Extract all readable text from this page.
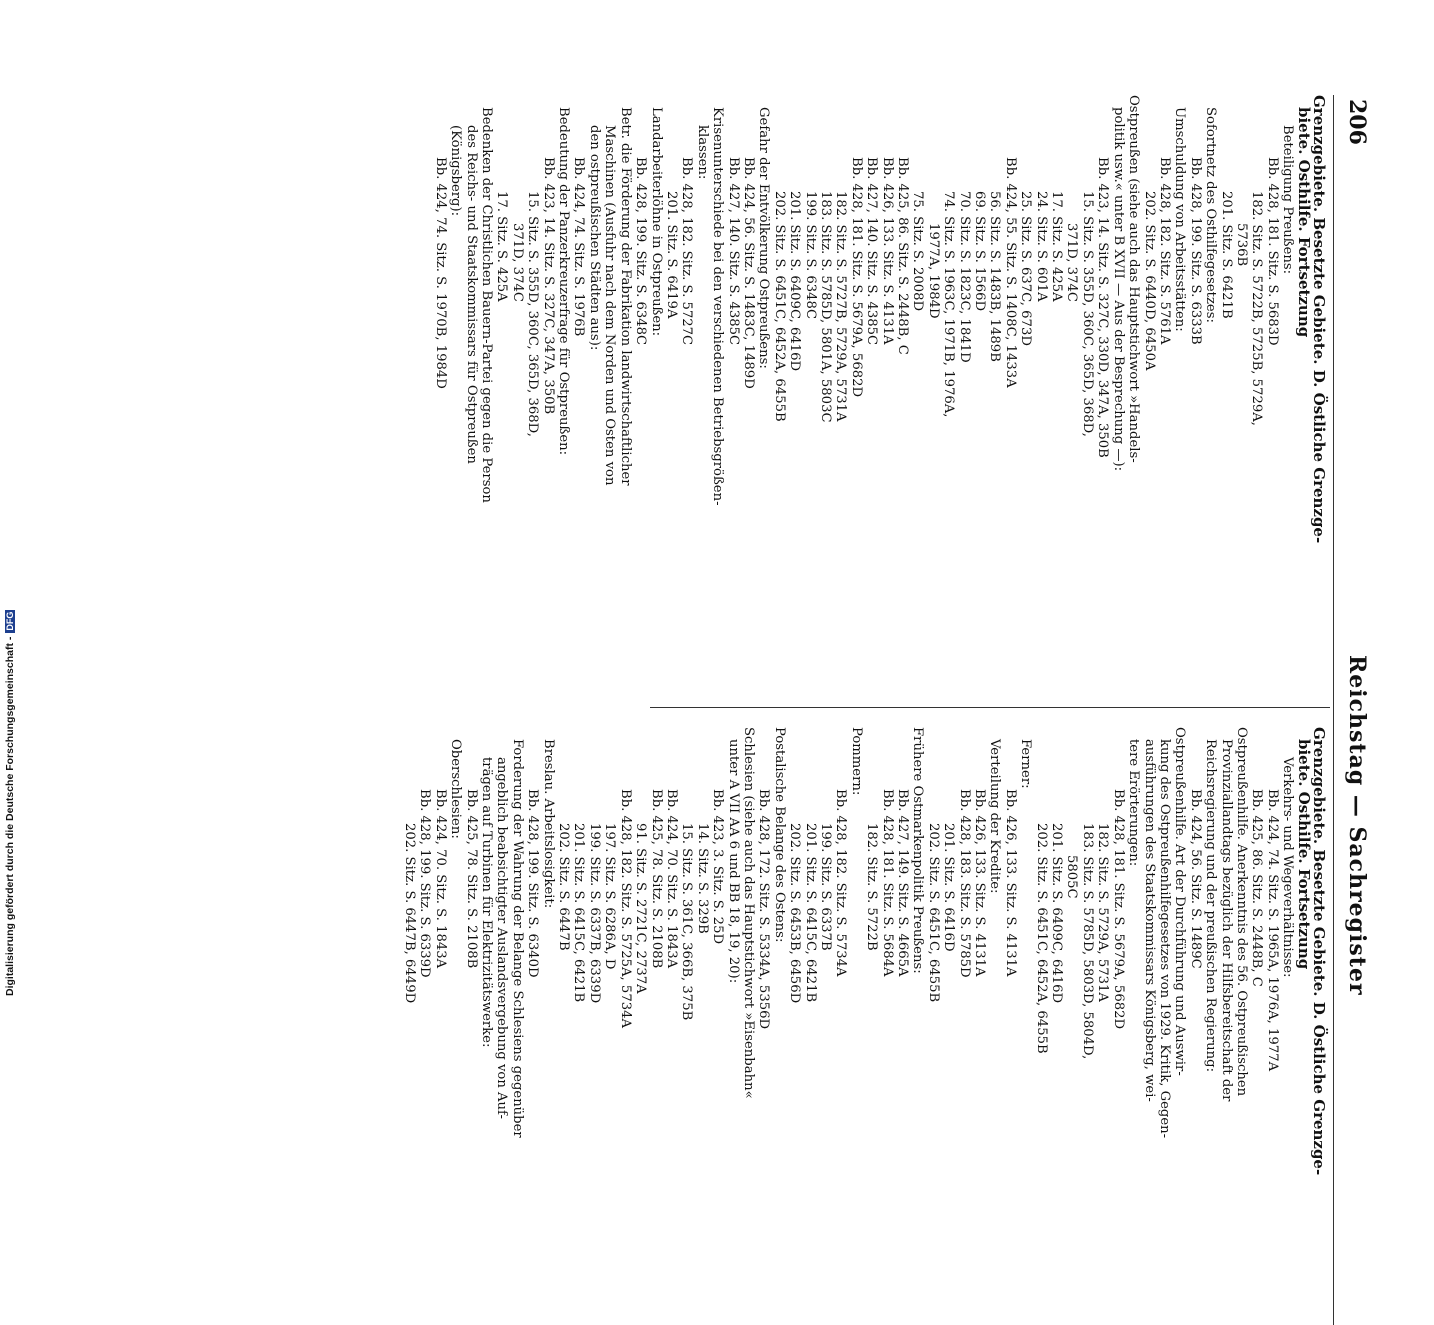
206
Reichstag — Sachregister
Grenzgebiete. Besetzte Gebiete. D. Östliche Grenzge-
biete. Osthilfe. Fortsetzung
Beteiligung Preußens:
Bb. 428, 181. Sitz. S. 5683D
182. Sitz. S. 5722B, 5725B, 5729A,
5736B
201. Sitz. S. 6421B
Sofortnetz des Osthilfegesetzes:
Bb. 428, 199. Sitz. S. 6333B
Umschuldung von Arbeitsstätten:
Bb. 428, 182. Sitz. S. 5761A
202. Sitz. S. 6440D, 6450A
Ostpreußen (siehe auch das Hauptstichwort »Handels-
politik usw.« unter B XVII — Aus der Besprechung —):
Bb. 423, 14. Sitz. S. 327C, 330D, 347A, 350B
15. Sitz. S. 355D, 360C, 365D, 368D,
371D, 374C
17. Sitz. S. 425A
24. Sitz. S. 601A
25. Sitz. S. 637C, 673D
Bb. 424, 55. Sitz. S. 1408C, 1433A
56. Sitz. S. 1483B, 1489B
69. Sitz. S. 1566D
70. Sitz. S. 1823C, 1841D
74. Sitz. S. 1963C, 1971B, 1976A,
1977A, 1984D
75. Sitz. S. 2008D
Bb. 425, 86. Sitz. S. 2448B, C
Bb. 426, 133. Sitz. S. 4131A
Bb. 427, 140. Sitz. S. 4385C
Bb. 428, 181. Sitz. S. 5679A, 5682D
182. Sitz. S. 5727B, 5729A, 5731A
183. Sitz. S. 5785D, 5801A, 5803C
199. Sitz. S. 6348C
201. Sitz. S. 6409C, 6416D
202. Sitz. S. 6451C, 6452A, 6455B
Gefahr der Entvölkerung Ostpreußens:
Bb. 424, 56. Sitz. S. 1483C, 1489D
Bb. 427, 140. Sitz. S. 4385C
Krisenunterschiede bei den verschiedenen Betriebsgrößen-
klassen:
Bb. 428, 182. Sitz. S. 5727C
201. Sitz. S. 6419A
Landarbeiterlöhne in Ostpreußen:
Bb. 428, 199. Sitz. S. 6348C
Betr. die Förderung der Fabrikation landwirtschaftlicher
Maschinen (Ausfuhr nach dem Norden und Osten von
den ostpreußischen Städten aus):
Bb. 424, 74. Sitz. S. 1976B
Bedeutung der Panzerkreuzerfrage für Ostpreußen:
Bb. 423, 14. Sitz. S. 327C, 347A, 350B
15. Sitz. S. 355D, 360C, 365D, 368D,
371D, 374C
17. Sitz. S. 425A
Bedenken der Christlichen Bauern-Partei gegen die Person
des Reichs- und Staatskommissars für Ostpreußen
(Königsberg):
Bb. 424, 74. Sitz. S. 1970B, 1984D
Grenzgebiete. Besetzte Gebiete. D. Östliche Grenzge-
biete. Osthilfe. Fortsetzung
Verkehrs- und Wegeverhältnisse:
Bb. 424, 74. Sitz. S. 1965A, 1976A, 1977A
Bb. 425, 86. Sitz. S. 2448B, C
Ostpreußenhilfe. Anerkenntnis des 56. Ostpreußischen
Provinziallandtags bezüglich der Hilfsbereitschaft der
Reichsregierung und der preußischen Regierung:
Bb. 424, 56. Sitz. S. 1489C
Ostpreußenhilfe. Art der Durchführung und Auswir-
kung des Ostpreußenhilfegesetzes von 1929. Kritik, Gegen-
ausführungen des Staatskommissars Königsberg, wei-
tere Erörterungen:
Bb. 428, 181. Sitz. S. 5679A, 5682D
182. Sitz. S. 5729A, 5731A
183. Sitz. S. 5785D, 5803D, 5804D,
5805C
201. Sitz. S. 6409C, 6416D
202. Sitz. S. 6451C, 6452A, 6455B
Ferner:
Bb. 426, 133. Sitz. S. 4131A
Verteilung der Kredite:
Bb. 426, 133. Sitz. S. 4131A
Bb. 428, 183. Sitz. S. 5785D
201. Sitz. S. 6416D
202. Sitz. S. 6451C, 6455B
Frühere Ostmarkenpolitik Preußens:
Bb. 427, 149. Sitz. S. 4665A
Bb. 428, 181. Sitz. S. 5684A
182. Sitz. S. 5722B
Pommern:
Bb. 428, 182. Sitz. S. 5734A
199. Sitz. S. 6337B
201. Sitz. S. 6415C, 6421B
202. Sitz. S. 6453B, 6456D
Postalische Belange des Ostens:
Bb. 428, 172. Sitz. S. 5334A, 5356D
Schlesien (siehe auch das Hauptstichwort »Eisenbahn«
unter A VII AA 6 und BB 18, 19, 20):
Bb. 423, 3. Sitz. S. 25D
14. Sitz. S. 329B
15. Sitz. S. 361C, 366B, 375B
Bb. 424, 70. Sitz. S. 1843A
Bb. 425, 78. Sitz. S. 2108B
91. Sitz. S. 2721C, 2737A
Bb. 428, 182. Sitz. S. 5725A, 5734A
197. Sitz. S. 6286A, D
199. Sitz. S. 6337B, 6339D
201. Sitz. S. 6415C, 6421B
202. Sitz. S. 6447B
Breslau. Arbeitslosigkeit:
Bb. 428, 199. Sitz. S. 6340D
Forderung der Wahrung der Belange Schlesiens gegenüber
angeblich beabsichtigter Auslandsvergebung von Auf-
trägen auf Turbinen für Elektrizitätswerke:
Bb. 425, 78. Sitz. S. 2108B
Oberschlesien:
Bb. 424, 70. Sitz. S. 1843A
Bb. 428, 199. Sitz. S. 6339D
202. Sitz. S. 6447B, 6449D
Digitalisierung gefördert durch die Deutsche Forschungsgemeinschaft -DFG
